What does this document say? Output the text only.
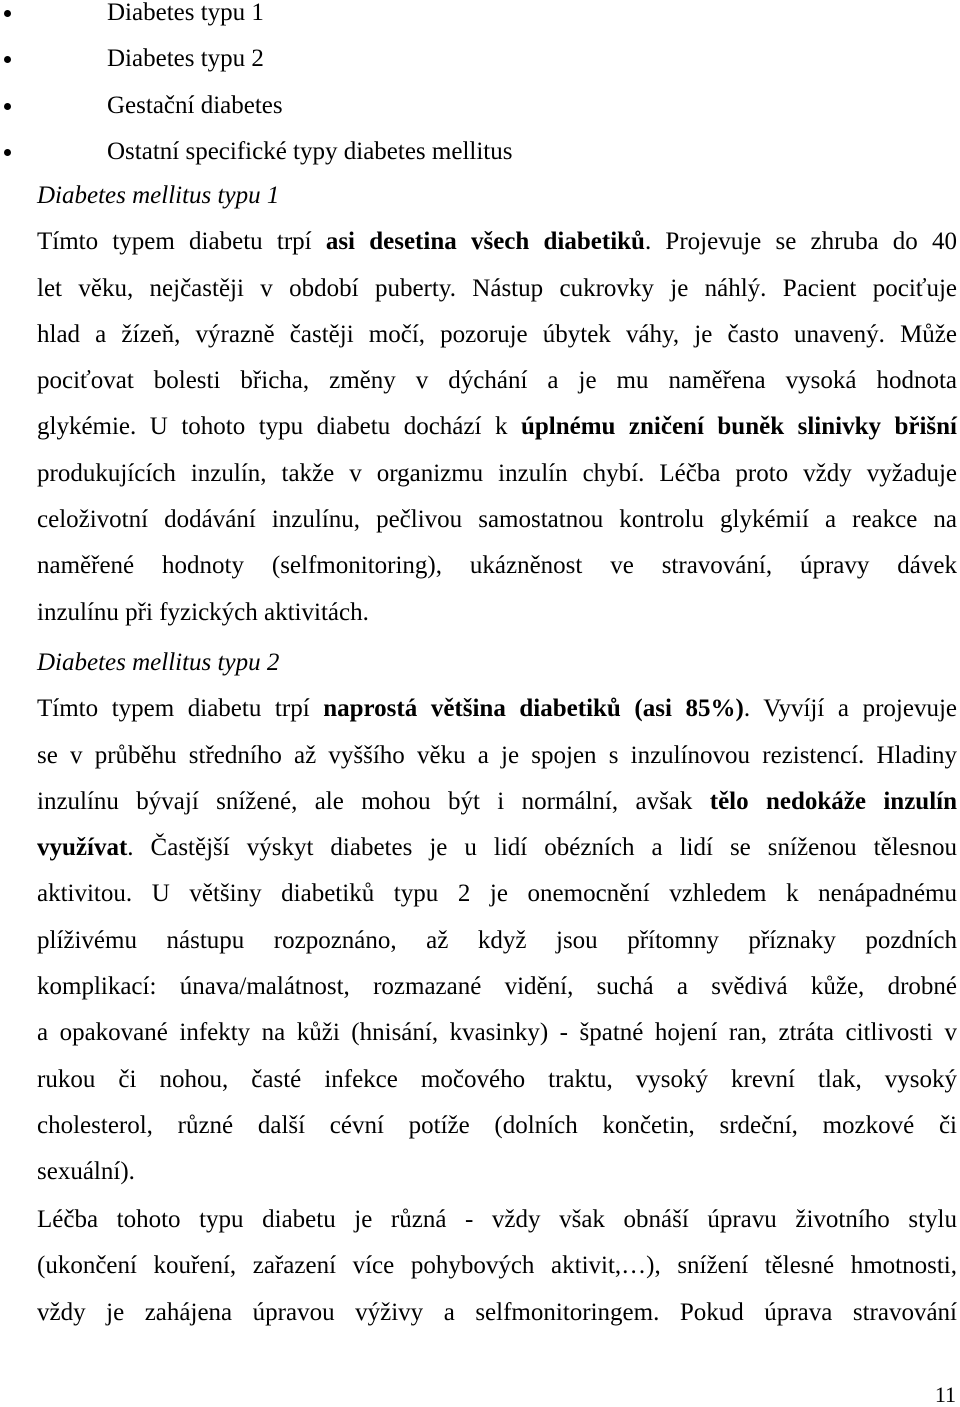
Diabetes typu 1
Diabetes typu 2
Gestační diabetes
Ostatní specifické typy diabetes mellitus
Diabetes mellitus typu 1
Tímto typem diabetu trpí asi desetina všech diabetiků. Projevuje se zhruba do 40
let věku, nejčastěji v období puberty. Nástup cukrovky je náhlý. Pacient pociťuje
hlad a žízeň, výrazně častěji močí, pozoruje úbytek váhy, je často unavený. Může
pociťovat bolesti břicha, změny v dýchání a je mu naměřena vysoká hodnota
glykémie. U tohoto typu diabetu dochází k úplnému zničení buněk slinivky břišní
produkujících inzulín, takže v organizmu inzulín chybí. Léčba proto vždy vyžaduje
celoživotní dodávání inzulínu, pečlivou samostatnou kontrolu glykémií a reakce na
naměřené hodnoty (selfmonitoring), ukázněnost ve stravování, úpravy dávek
inzulínu při fyzických aktivitách.
Diabetes mellitus typu 2
Tímto typem diabetu trpí naprostá většina diabetiků (asi 85%). Vyvíjí a projevuje
se v průběhu středního až vyššího věku a je spojen s inzulínovou rezistencí. Hladiny
inzulínu bývají snížené, ale mohou být i normální, avšak tělo nedokáže inzulín
využívat. Častější výskyt diabetes je u lidí obézních a lidí se sníženou tělesnou
aktivitou. U většiny diabetiků typu 2 je onemocnění vzhledem k nenápadnému
plíživému nástupu rozpoznáno, až když jsou přítomny příznaky pozdních
komplikací: únava/malátnost, rozmazané vidění, suchá a svědivá kůže, drobné
a opakované infekty na kůži (hnisání, kvasinky) - špatné hojení ran, ztráta citlivosti v
rukou či nohou, časté infekce močového traktu, vysoký krevní tlak, vysoký
cholesterol, různé další cévní potíže (dolních končetin, srdeční, mozkové či
sexuální).
Léčba tohoto typu diabetu je různá - vždy však obnáší úpravu životního stylu
(ukončení kouření, zařazení více pohybových aktivit,…), snížení tělesné hmotnosti,
vždy je zahájena úpravou výživy a selfmonitoringem. Pokud úprava stravování
11
